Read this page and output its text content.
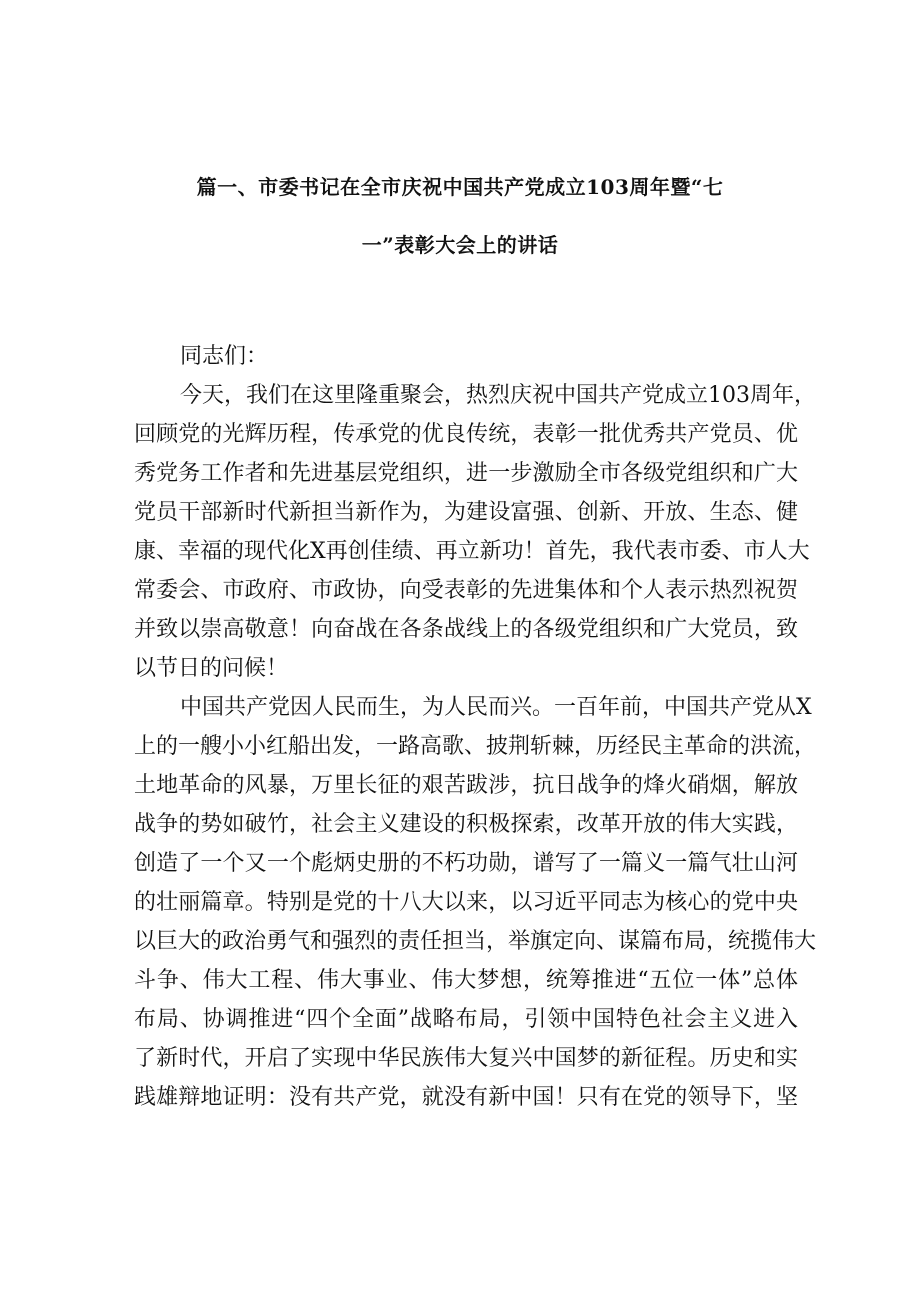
篇一、市委书记在全市庆祝中国共产党成立103周年暨“七
一”表彰大会上的讲话
同志们：
今天，我们在这里隆重聚会，热烈庆祝中国共产党成立103周年，
回顾党的光辉历程，传承党的优良传统，表彰一批优秀共产党员、优
秀党务工作者和先进基层党组织，进一步激励全市各级党组织和广大
党员干部新时代新担当新作为，为建设富强、创新、开放、生态、健
康、幸福的现代化X再创佳绩、再立新功！首先，我代表市委、市人大
常委会、市政府、市政协，向受表彰的先进集体和个人表示热烈祝贺
并致以崇高敬意！向奋战在各条战线上的各级党组织和广大党员，致
以节日的问候！
中国共产党因人民而生，为人民而兴。一百年前，中国共产党从X
上的一艘小小红船出发，一路高歌、披荆斩棘，历经民主革命的洪流，
土地革命的风暴，万里长征的艰苦跋涉，抗日战争的烽火硝烟，解放
战争的势如破竹，社会主义建设的积极探索，改革开放的伟大实践，
创造了一个又一个彪炳史册的不朽功勋，谱写了一篇义一篇气壮山河
的壮丽篇章。特别是党的十八大以来，以习近平同志为核心的党中央
以巨大的政治勇气和强烈的责任担当，举旗定向、谋篇布局，统揽伟大
斗争、伟大工程、伟大事业、伟大梦想，统筹推进“五位一体”总体
布局、协调推进“四个全面”战略布局，引领中国特色社会主义进入
了新时代，开启了实现中华民族伟大复兴中国梦的新征程。历史和实
践雄辩地证明：没有共产党，就没有新中国！只有在党的领导下，坚
